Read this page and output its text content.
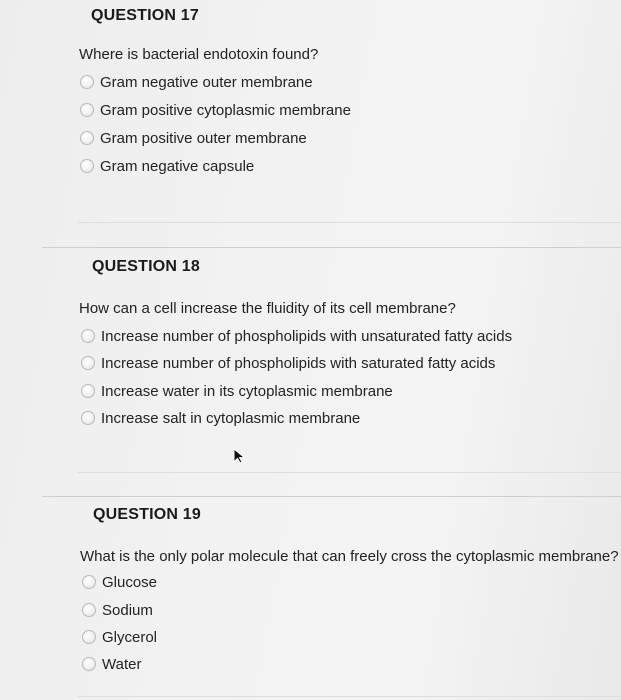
QUESTION 17
Where is bacterial endotoxin found?
Gram negative outer membrane
Gram positive cytoplasmic membrane
Gram positive outer membrane
Gram negative capsule
QUESTION 18
How can a cell increase the fluidity of its cell membrane?
Increase number of phospholipids with unsaturated fatty acids
Increase number of phospholipids with saturated fatty acids
Increase water in its cytoplasmic membrane
Increase salt in cytoplasmic membrane
QUESTION 19
What is the only polar molecule that can freely cross the cytoplasmic membrane?
Glucose
Sodium
Glycerol
Water
